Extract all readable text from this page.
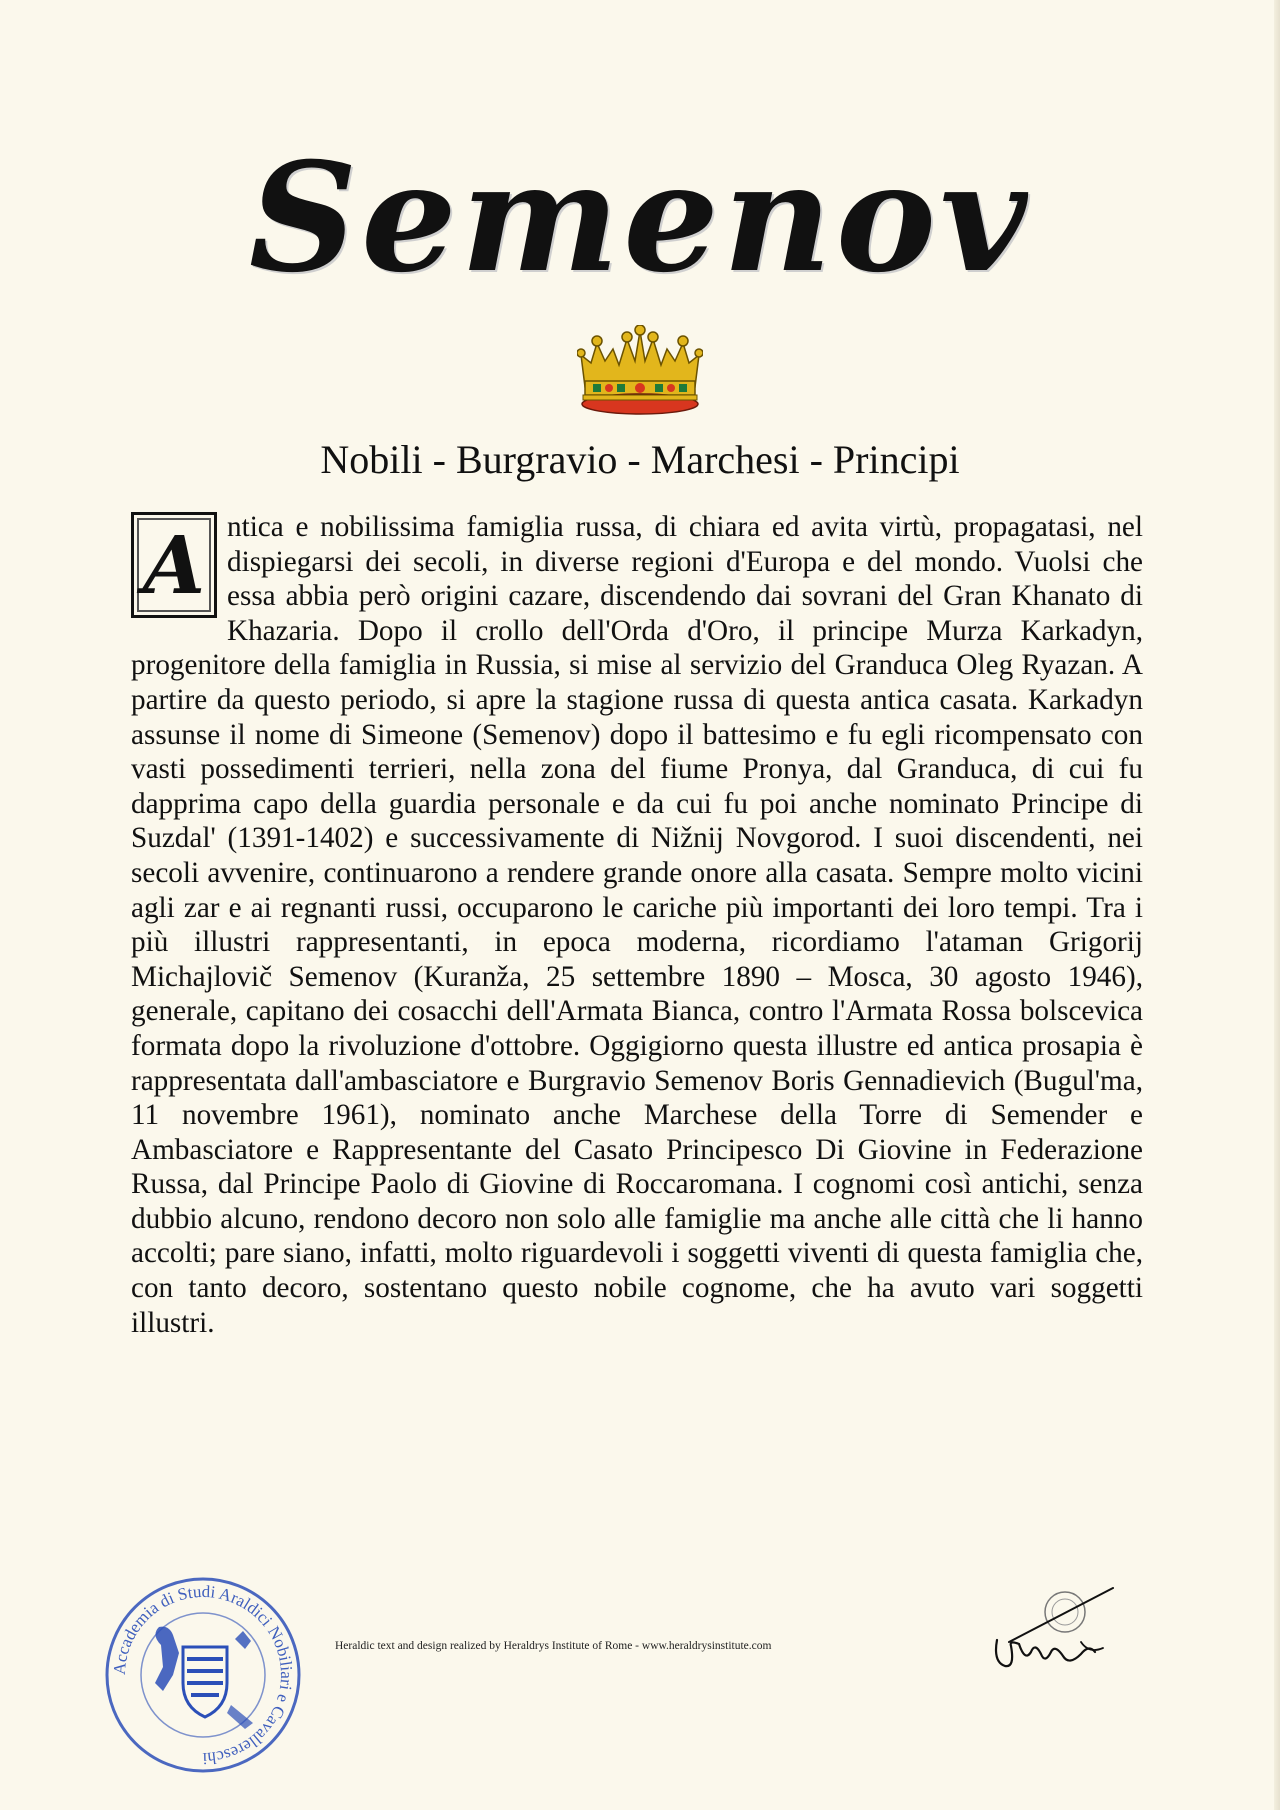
Semenov
Nobili - Burgravio - Marchesi - Principi
A ntica e nobilissima famiglia russa, di chiara ed avita virtù, propagatasi, nel dispiegarsi dei secoli, in diverse regioni d'Europa e del mondo. Vuolsi che essa abbia però origini cazare, discendendo dai sovrani del Gran Khanato di Khazaria. Dopo il crollo dell'Orda d'Oro, il principe Murza Karkadyn, progenitore della famiglia in Russia, si mise al servizio del Granduca Oleg Ryazan. A partire da questo periodo, si apre la stagione russa di questa antica casata. Karkadyn assunse il nome di Simeone (Semenov) dopo il battesimo e fu egli ricompensato con vasti possedimenti terrieri, nella zona del fiume Pronya, dal Granduca, di cui fu dapprima capo della guardia personale e da cui fu poi anche nominato Principe di Suzdal' (1391-1402) e successivamente di Nižnij Novgorod. I suoi discendenti, nei secoli avvenire, continuarono a rendere grande onore alla casata. Sempre molto vicini agli zar e ai regnanti russi, occuparono le cariche più importanti dei loro tempi. Tra i più illustri rappresentanti, in epoca moderna, ricordiamo l'ataman Grigorij Michajlovič Semenov (Kuranža, 25 settembre 1890 – Mosca, 30 agosto 1946), generale, capitano dei cosacchi dell'Armata Bianca, contro l'Armata Rossa bolscevica formata dopo la rivoluzione d'ottobre. Oggigiorno questa illustre ed antica prosapia è rappresentata dall'ambasciatore e Burgravio Semenov Boris Gennadievich (Bugul'ma, 11 novembre 1961), nominato anche Marchese della Torre di Semender e Ambasciatore e Rappresentante del Casato Principesco Di Giovine in Federazione Russa, dal Principe Paolo di Giovine di Roccaromana. I cognomi così antichi, senza dubbio alcuno, rendono decoro non solo alle famiglie ma anche alle città che li hanno accolti; pare siano, infatti, molto riguardevoli i soggetti viventi di questa famiglia che, con tanto decoro, sostentano questo nobile cognome, che ha avuto vari soggetti illustri.

Accademia di Studi Araldici Nobiliari e Cavallereschi
Heraldic text and design realized by Heraldrys Institute of Rome - www.heraldrysinstitute.com
